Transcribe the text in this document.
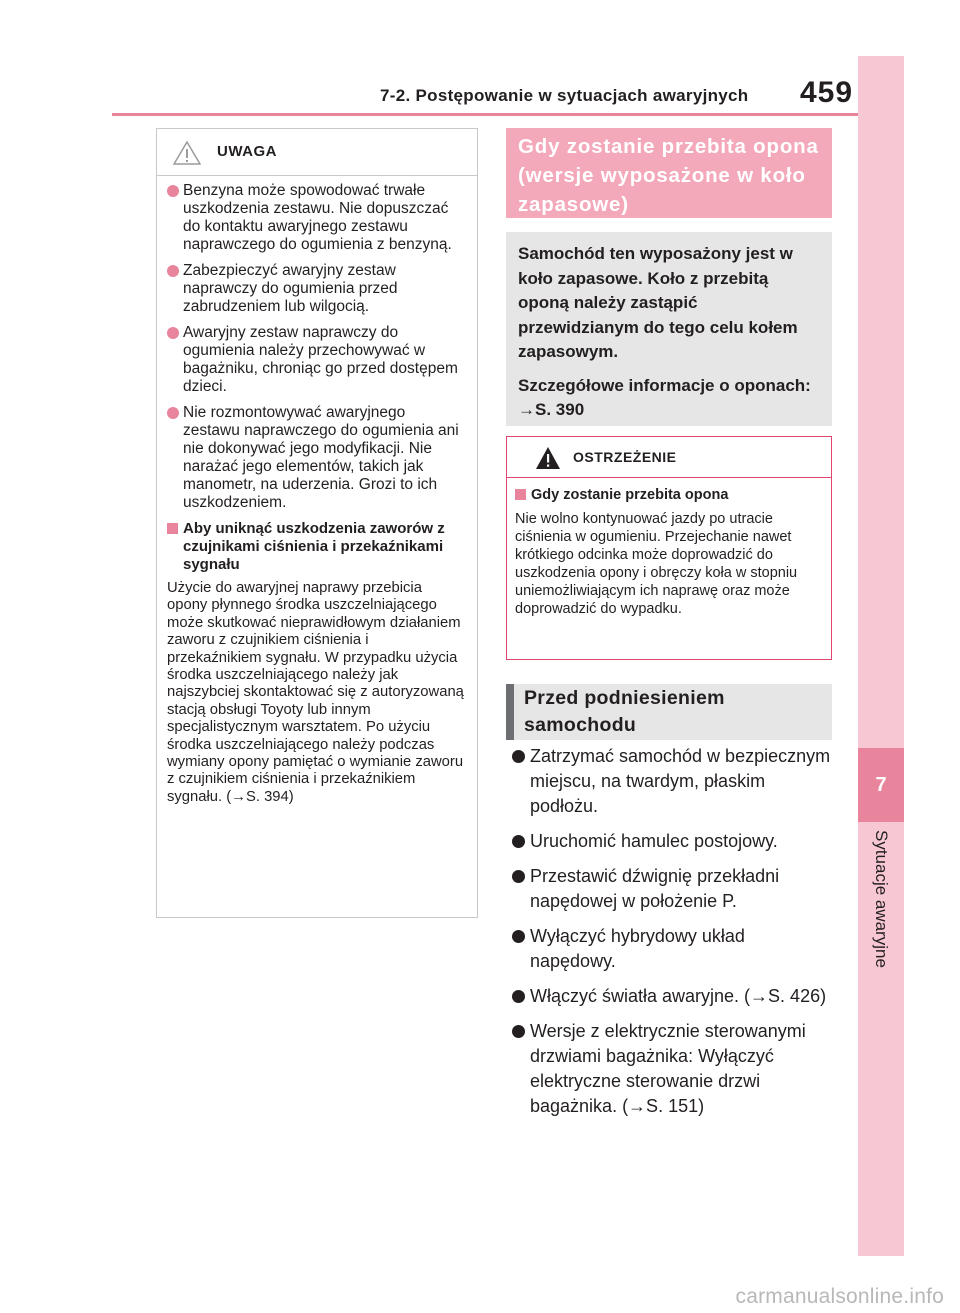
7-2. Postępowanie w sytuacjach awaryjnych 459
7
Sytuacje awaryjne
UWAGA
Benzyna może spowodować trwałe uszkodzenia zestawu. Nie dopuszczać do kontaktu awaryjnego zestawu naprawczego do ogumienia z benzyną.
Zabezpieczyć awaryjny zestaw naprawczy do ogumienia przed zabrudzeniem lub wilgocią.
Awaryjny zestaw naprawczy do ogumienia należy przechowywać w bagażniku, chroniąc go przed dostępem dzieci.
Nie rozmontowywać awaryjnego zestawu naprawczego do ogumienia ani nie dokonywać jego modyfikacji. Nie narażać jego elementów, takich jak manometr, na uderzenia. Grozi to ich uszkodzeniem.
Aby uniknąć uszkodzenia zaworów z czujnikami ciśnienia i przekaźnikami sygnału
Użycie do awaryjnej naprawy przebicia opony płynnego środka uszczelniającego może skutkować nieprawidłowym działaniem zaworu z czujnikiem ciśnienia i przekaźnikiem sygnału. W przypadku użycia środka uszczelniającego należy jak najszybciej skontaktować się z autoryzowaną stacją obsługi Toyoty lub innym specjalistycznym warsztatem. Po użyciu środka uszczelniającego należy podczas wymiany opony pamiętać o wymianie zaworu z czujnikiem ciśnienia i przekaźnikiem sygnału. (→S. 394)
Gdy zostanie przebita opona (wersje wyposażone w koło zapasowe)

Samochód ten wyposażony jest w koło zapasowe. Koło z przebitą oponą należy zastąpić przewidzianym do tego celu kołem zapasowym.

Szczegółowe informacje o oponach: →S. 390

OSTRZEŻENIE
Gdy zostanie przebita opona
Nie wolno kontynuować jazdy po utracie ciśnienia w ogumieniu. Przejechanie nawet krótkiego odcinka może doprowadzić do uszkodzenia opony i obręczy koła w stopniu uniemożliwiającym ich naprawę oraz może doprowadzić do wypadku.
Przed podniesieniem samochodu
Zatrzymać samochód w bezpiecznym miejscu, na twardym, płaskim podłożu.
Uruchomić hamulec postojowy.
Przestawić dźwignię przekładni napędowej w położenie P.
Wyłączyć hybrydowy układ napędowy.
Włączyć światła awaryjne. (→S. 426)
Wersje z elektrycznie sterowanymi drzwiami bagażnika: Wyłączyć elektryczne sterowanie drzwi bagażnika. (→S. 151)
carmanualsonline.info
